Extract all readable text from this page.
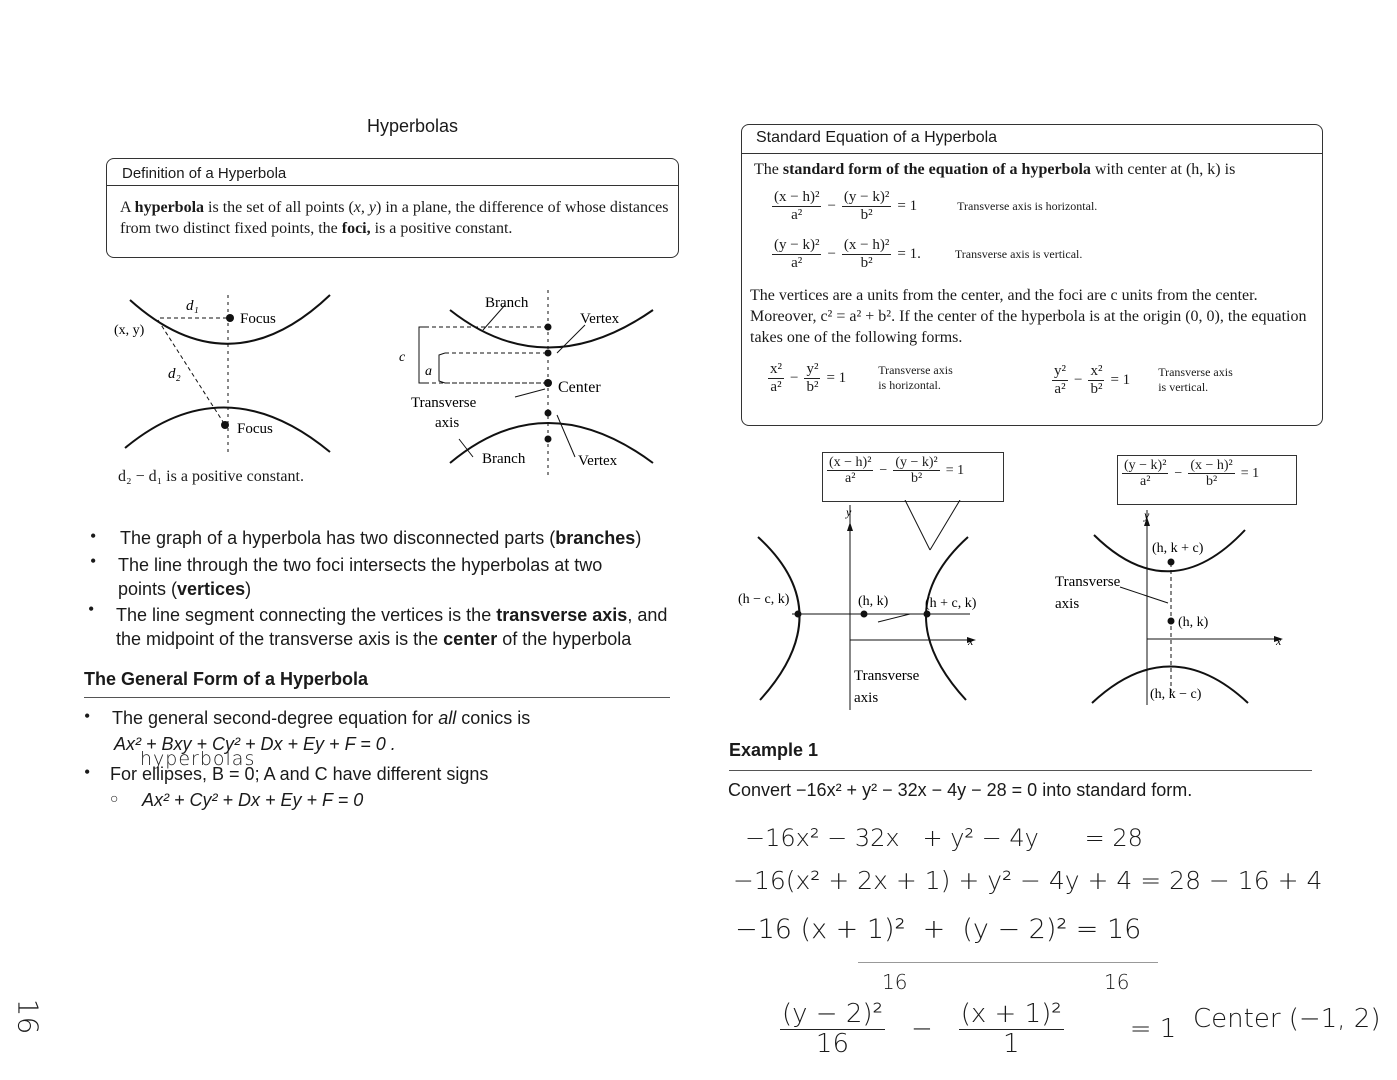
Hyperbolas
Definition of a Hyperbola
A hyperbola is the set of all points (x, y) in a plane, the difference of whose distances from two distinct fixed points, the foci, is a positive constant.
d₁
d₂
(x, y)
Focus
Focus
d₂ − d₁ is a positive constant.
Branch
Vertex
c
a
Center
Transverse
axis
Branch	Vertex
• The graph of a hyperbola has two disconnected parts (branches)
• The line through the two foci intersects the hyperbolas at two points (vertices)
• The line segment connecting the vertices is the transverse axis, and the midpoint of the transverse axis is the center of the hyperbola
The General Form of a Hyperbola
• The general second-degree equation for all conics is
Ax² + Bxy + Cy² + Dx + Ey + F = 0 .
hyperbolas
• For ellipses, B = 0; A and C have different signs
○ Ax² + Cy² + Dx + Ey + F = 0
16
Standard Equation of a Hyperbola
The standard form of the equation of a hyperbola with center at (h, k) is
$\frac{\text{(x − h)²}}{\text{a²}} - \frac{\text{(y − k)²}}{\text{b²}} = 1$	Transverse axis is horizontal.
$\frac{\text{(y − k)²}}{\text{a²}} - \frac{\text{(x − h)²}}{\text{b²}} = 1$.	Transverse axis is vertical.
The vertices are a units from the center, and the foci are c units from the center. Moreover, c² = a² + b². If the center of the hyperbola is at the origin (0, 0), the equation takes one of the following forms.
$\frac{\text{x²}}{\text{a²}} - \frac{\text{y²}}{\text{b²}} = 1$	Transverse axis
is horizontal.	$\frac{\text{y²}}{\text{a²}} - \frac{\text{x²}}{\text{b²}} = 1$ Transverse axis
is vertical.
$\frac{\text{(x − h)²}}{\text{a²}} - \frac{\text{(y − k)²}}{\text{b²}} = 1$
y
x
(h − c, k)	(h, k)	(h + c, k)
Transverse
axis
$\frac{\text{(y − k)²}}{\text{a²}} - \frac{\text{(x − h)²}}{\text{b²}} = 1$
y
x
(h, k + c)
(h, k)
(h, k − c)
Transverse
axis
Example 1
Convert −16x² + y² − 32x − 4y − 28 = 0 into standard form.
−16x² − 32x   + y² − 4y      = 28
−16(x² + 2x + 1) + y² − 4y + 4 = 28 − 16 + 4
−16 (x + 1)²  +  (y − 2)² = 16
16	16
$\frac{\text{(y − 2)²}}{16} - \frac{\text{(x + 1)²}}{1}$	= 1 Center (−1, 2)
